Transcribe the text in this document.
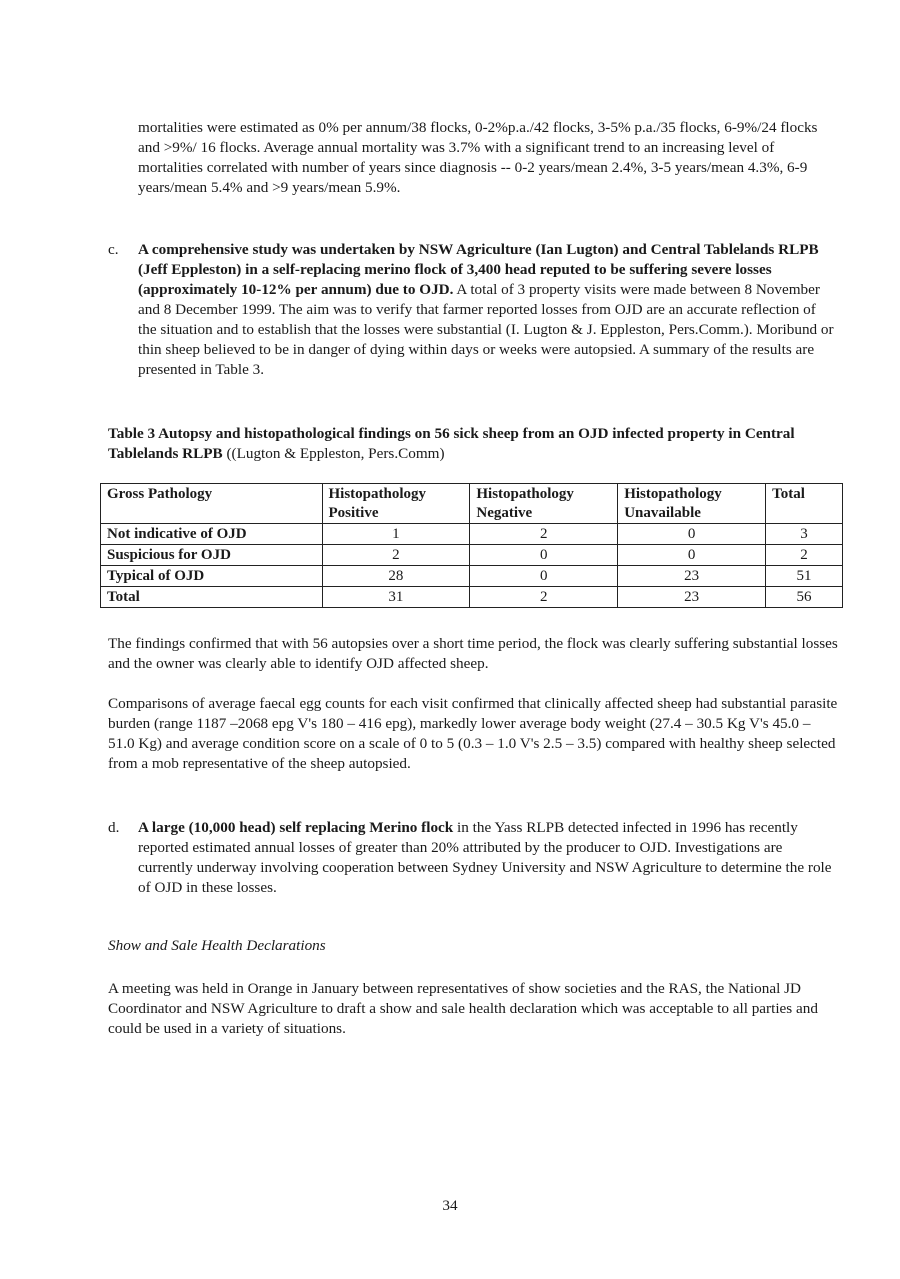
mortalities were estimated as 0% per annum/38 flocks, 0-2%p.a./42 flocks, 3-5% p.a./35 flocks, 6-9%/24 flocks and >9%/ 16 flocks. Average annual mortality was 3.7% with a significant trend to an increasing level of mortalities correlated with number of years since diagnosis -- 0-2 years/mean 2.4%, 3-5 years/mean 4.3%, 6-9 years/mean 5.4% and >9 years/mean 5.9%.

c.	A comprehensive study was undertaken by NSW Agriculture (Ian Lugton) and Central Tablelands RLPB (Jeff Eppleston) in a self-replacing merino flock of 3,400 head reputed to be suffering severe losses (approximately 10-12% per annum) due to OJD. A total of 3 property visits were made between 8 November and 8 December 1999. The aim was to verify that farmer reported losses from OJD are an accurate reflection of the situation and to establish that the losses were substantial (I. Lugton & J. Eppleston, Pers.Comm.). Moribund or thin sheep believed to be in danger of dying within days or weeks were autopsied. A summary of the results are presented in Table 3.

Table 3 Autopsy and histopathological findings on 56 sick sheep from an OJD infected property in Central Tablelands RLPB ((Lugton & Eppleston, Pers.Comm)

Gross Pathology	Histopathology Positive	Histopathology Negative	Histopathology Unavailable	Total
Not indicative of OJD	1	2	0	3
Suspicious for OJD	2	0	0	2
Typical of OJD	28	0	23	51
Total	31	2	23	56

The findings confirmed that with 56 autopsies over a short time period, the flock was clearly suffering substantial losses and the owner was clearly able to identify OJD affected sheep.

Comparisons of average faecal egg counts for each visit confirmed that clinically affected sheep had substantial parasite burden (range 1187 –2068 epg V's 180 – 416 epg), markedly lower average body weight (27.4 – 30.5 Kg V's 45.0 – 51.0 Kg) and average condition score on a scale of 0 to 5 (0.3 – 1.0 V's 2.5 – 3.5) compared with healthy sheep selected from a mob representative of the sheep autopsied.

d.	A large (10,000 head) self replacing Merino flock in the Yass RLPB detected infected in 1996 has recently reported estimated annual losses of greater than 20% attributed by the producer to OJD. Investigations are currently underway involving cooperation between Sydney University and NSW Agriculture to determine the role of OJD in these losses.

Show and Sale Health Declarations

A meeting was held in Orange in January between representatives of show societies and the RAS, the National JD Coordinator and NSW Agriculture to draft a show and sale health declaration which was acceptable to all parties and could be used in a variety of situations.

34
